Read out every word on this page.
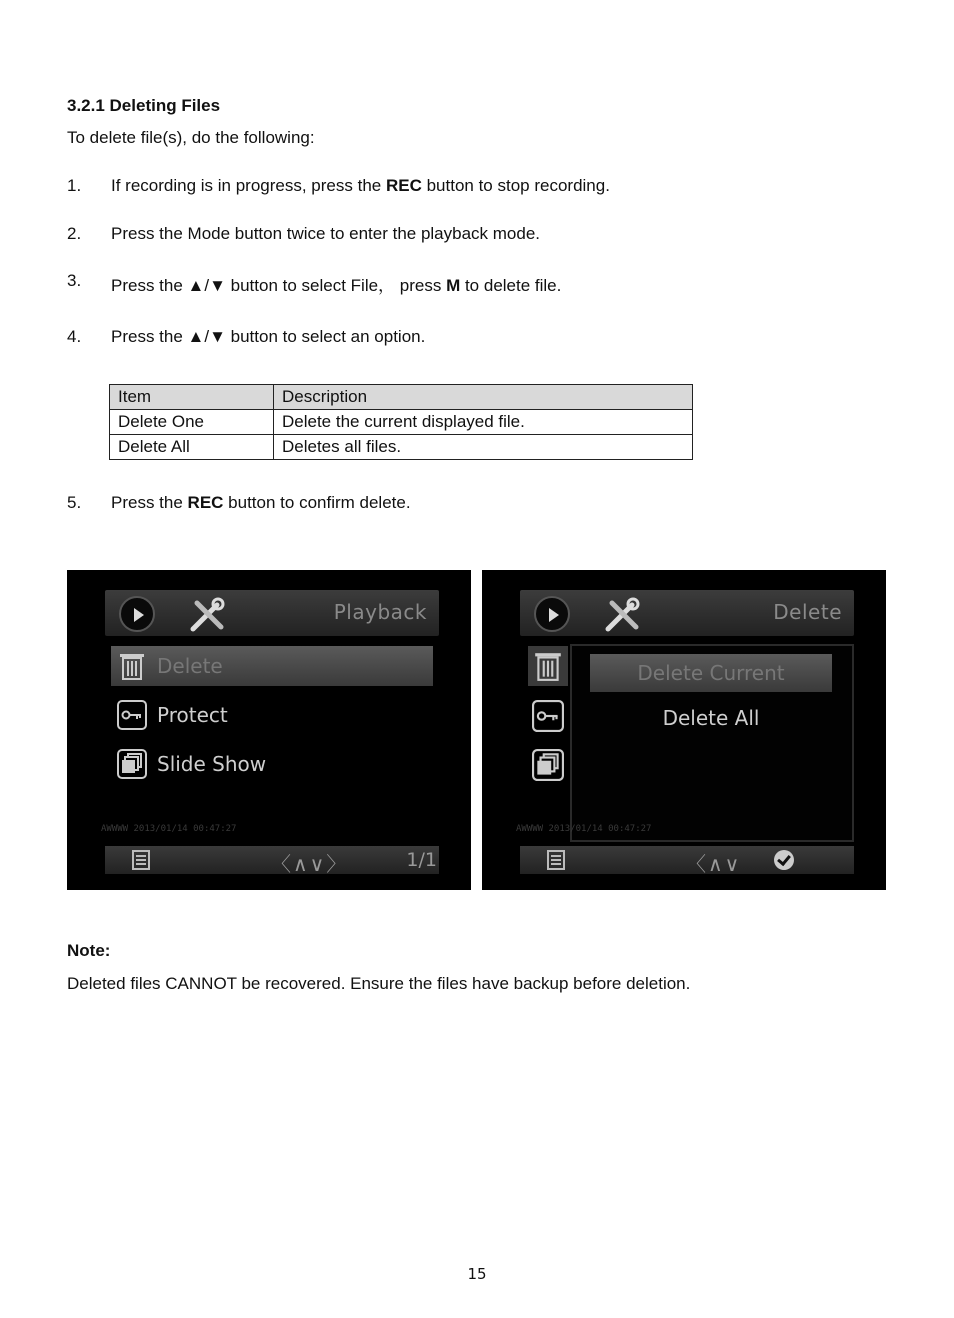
3.2.1 Deleting Files
To delete file(s), do the following:
1. If recording is in progress, press the REC button to stop recording.
2. Press the Mode button twice to enter the playback mode.
3. Press the ▲/▼ button to select File， press M to delete file.
4. Press the ▲/▼ button to select an option.
Item	Description
Delete One	Delete the current displayed file.
Delete All	Deletes all files.
5. Press the REC button to confirm delete.
Playback
Delete
Protect
Slide Show
AWWWW 2013/01/14 00:47:27
〈∧∨〉	1/1
Delete
Delete Current
Delete All
AWWWW 2013/01/14 00:47:27
〈∧∨
Note:
Deleted files CANNOT be recovered. Ensure the files have backup before deletion.
15
